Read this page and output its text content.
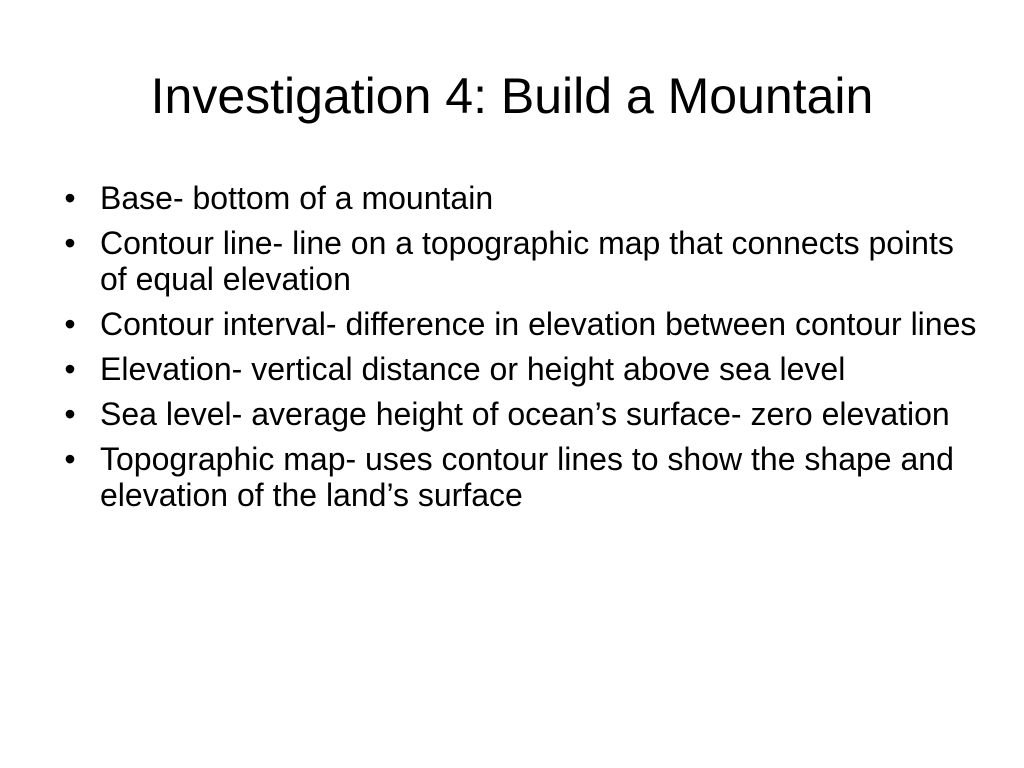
Investigation 4: Build a Mountain
• Base- bottom of a mountain
• Contour line- line on a topographic map that connects points of equal elevation
• Contour interval- difference in elevation between contour lines
• Elevation- vertical distance or height above sea level
• Sea level- average height of ocean’s surface- zero elevation
• Topographic map- uses contour lines to show the shape and elevation of the land’s surface
